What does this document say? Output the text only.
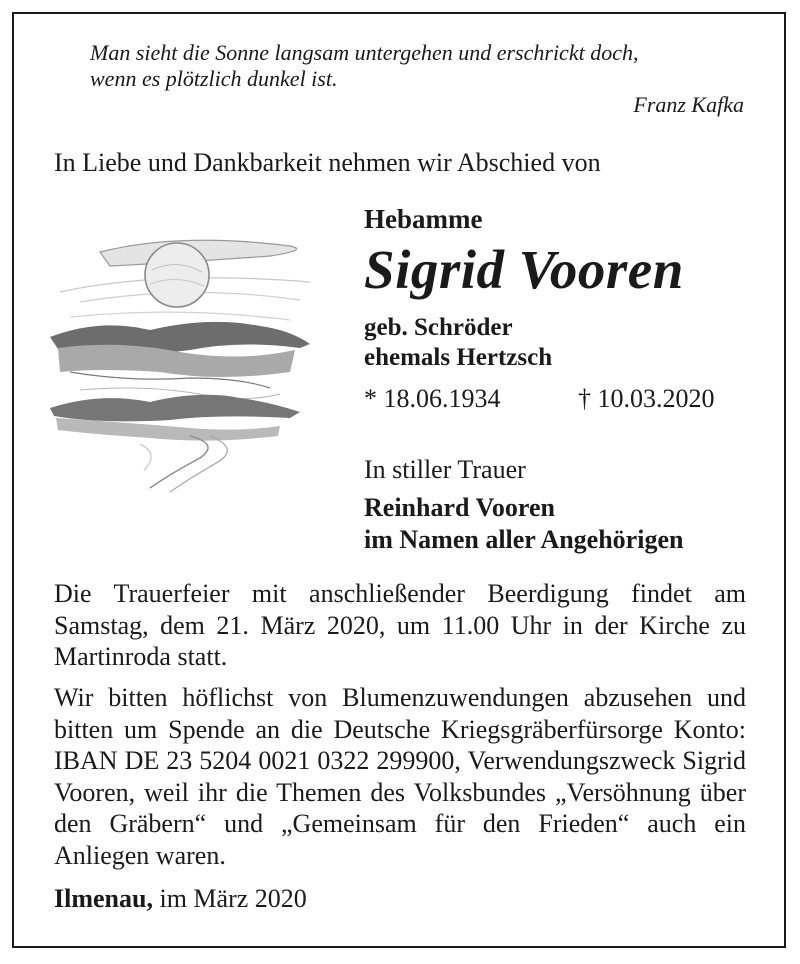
Man sieht die Sonne langsam untergehen und erschrickt doch,
wenn es plötzlich dunkel ist.
Franz Kafka
In Liebe und Dankbarkeit nehmen wir Abschied von
Hebamme
Sigrid Vooren
geb. Schröder
ehemals Hertzsch
* 18.06.1934	† 10.03.2020
In stiller Trauer
Reinhard Vooren
im Namen aller Angehörigen
Die Trauerfeier mit anschließender Beerdigung findet am Samstag, dem 21. März 2020, um 11.00 Uhr in der Kirche zu Martinroda statt.
Wir bitten höflichst von Blumenzuwendungen abzusehen und bitten um Spende an die Deutsche Kriegsgräberfürsorge Konto: IBAN DE 23 5204 0021 0322 299900, Verwendungszweck Sigrid Vooren, weil ihr die Themen des Volksbundes „Versöhnung über den Gräbern“ und „Gemeinsam für den Frieden“ auch ein Anliegen waren.
Ilmenau, im März 2020
